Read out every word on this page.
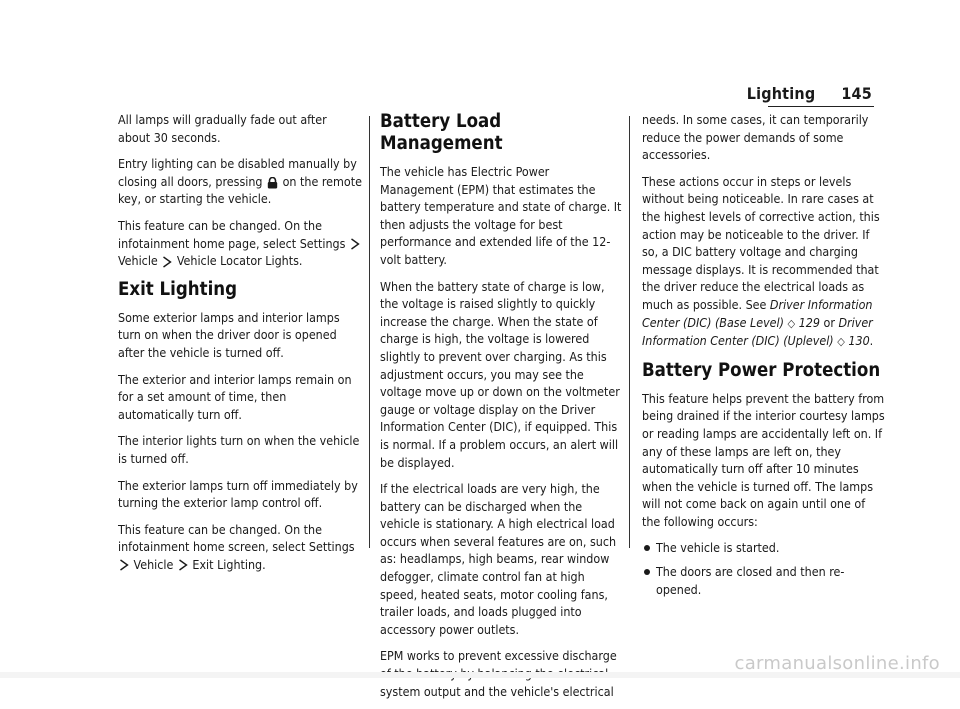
Lighting 145

All lamps will gradually fade out after about 30 seconds.

Entry lighting can be disabled manually by closing all doors, pressing on the remote key, or starting the vehicle.

This feature can be changed. On the infotainment home page, select Settings
Vehicle Vehicle Locator Lights.

Exit Lighting

Some exterior lamps and interior lamps turn on when the driver door is opened after the vehicle is turned off.

The exterior and interior lamps remain on for a set amount of time, then automatically turn off.

The interior lights turn on when the vehicle is turned off.

The exterior lamps turn off immediately by turning the exterior lamp control off.

This feature can be changed. On the infotainment home screen, select Settings
Vehicle Exit Lighting.

Battery Load Management

The vehicle has Electric Power Management (EPM) that estimates the battery temperature and state of charge. It then adjusts the voltage for best performance and extended life of the 12-volt battery.

When the battery state of charge is low, the voltage is raised slightly to quickly increase the charge. When the state of charge is high, the voltage is lowered slightly to prevent over charging. As this adjustment occurs, you may see the voltage move up or down on the voltmeter gauge or voltage display on the Driver Information Center (DIC), if equipped. This is normal. If a problem occurs, an alert will be displayed.

If the electrical loads are very high, the battery can be discharged when the vehicle is stationary. A high electrical load occurs when several features are on, such as: headlamps, high beams, rear window defogger, climate control fan at high speed, heated seats, motor cooling fans, trailer loads, and loads plugged into accessory power outlets.

EPM works to prevent excessive discharge system output and the vehicle's electrical

needs. In some cases, it can temporarily reduce the power demands of some accessories.

These actions occur in steps or levels without being noticeable. In rare cases at the highest levels of corrective action, this action may be noticeable to the driver. If so, a DIC battery voltage and charging message displays. It is recommended that the driver reduce the electrical loads as much as possible. See Driver Information Center (DIC) (Base Level) ◇ 129 or Driver Information Center (DIC) (Uplevel) ◇ 130.

Battery Power Protection

This feature helps prevent the battery from being drained if the interior courtesy lamps or reading lamps are accidentally left on. If any of these lamps are left on, they automatically turn off after 10 minutes when the vehicle is turned off. The lamps will not come back on again until one of the following occurs:

The vehicle is started.
The doors are closed and then re-opened.
carmanualsonline.info
